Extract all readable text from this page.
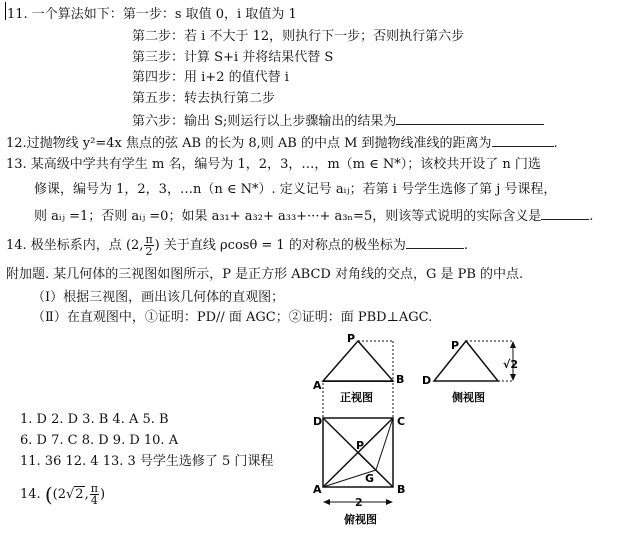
11. 一个算法如下：第一步：s 取值 0，i 取值为 1
第二步：若 i 不大于 12，则执行下一步；否则执行第六步
第三步：计算 S+i 并将结果代替 S
第四步：用 i+2 的值代替 i
第五步：转去执行第二步
第六步：输出 S;则运行以上步骤输出的结果为
12.过抛物线 y²=4x 焦点的弦 AB 的长为 8,则 AB 的中点 M 到抛物线准线的距离为	.
13. 某高级中学共有学生 m 名，编号为 1，2，3，…，m（m ∈ N*）；该校共开设了 n 门选
修课，编号为 1，2，3，…n（n ∈ N*）. 定义记号 aᵢⱼ；若第 i 号学生选修了第 j 号课程，
则 aᵢⱼ =1；否则 aᵢⱼ =0；如果 a₃₁+ a₃₂+ a₃₃+···+ a₃ₙ=5，则该等式说明的实际含义是	.
14. 极坐标系内，点 (2, $\frac{\pi}{2}$ ) 关于直线 ρcosθ = 1 的对称点的极坐标为	.
附加题. 某几何体的三视图如图所示，P 是正方形 ABCD 对角线的交点，G 是 PB 的中点.
（Ⅰ）根据三视图，画出该几何体的直观图；
（Ⅱ）在直观图中，①证明：PD// 面 AGC；②证明：面 PBD⊥AGC.
1. D 2. D 3. B 4. A 5. B
6. D 7. C 8. D 9. D 10. A
11. 36 12. 4 13. 3 号学生选修了 5 门课程
14. ((2√2, $\frac{\pi}{4}$ )
P
A	B
正视图
P
D
√2
侧视图
D	C
P
G
A	B
2
俯视图
